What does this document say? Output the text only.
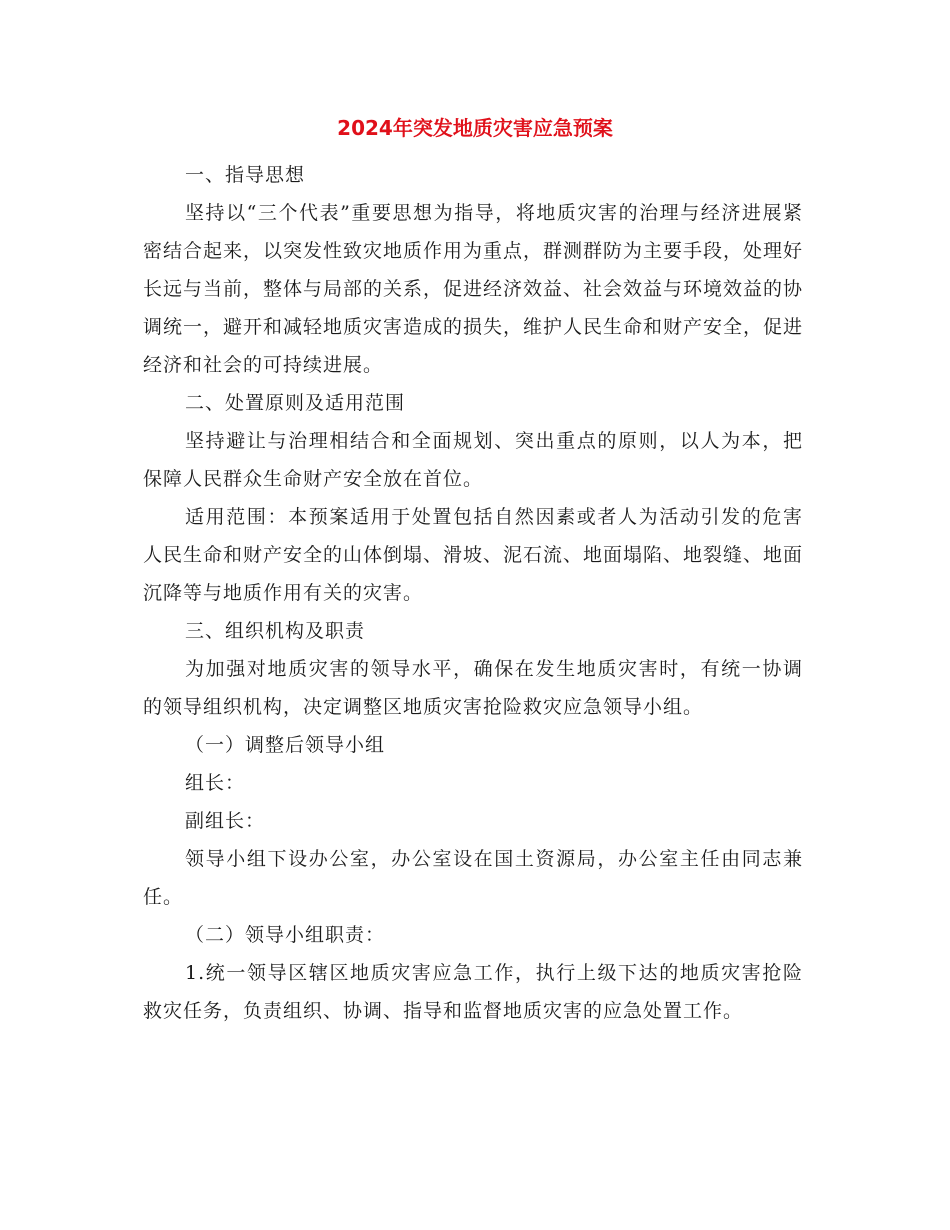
2024年突发地质灾害应急预案

一、指导思想

坚持以“三个代表”重要思想为指导，将地质灾害的治理与经济进展紧密结合起来，以突发性致灾地质作用为重点，群测群防为主要手段，处理好长远与当前，整体与局部的关系，促进经济效益、社会效益与环境效益的协调统一，避开和减轻地质灾害造成的损失，维护人民生命和财产安全，促进经济和社会的可持续进展。

二、处置原则及适用范围

坚持避让与治理相结合和全面规划、突出重点的原则，以人为本，把保障人民群众生命财产安全放在首位。

适用范围：本预案适用于处置包括自然因素或者人为活动引发的危害人民生命和财产安全的山体倒塌、滑坡、泥石流、地面塌陷、地裂缝、地面沉降等与地质作用有关的灾害。

三、组织机构及职责

为加强对地质灾害的领导水平，确保在发生地质灾害时，有统一协调的领导组织机构，决定调整区地质灾害抢险救灾应急领导小组。

（一）调整后领导小组

组长：

副组长：

领导小组下设办公室，办公室设在国土资源局，办公室主任由同志兼任。

（二）领导小组职责：

1.统一领导区辖区地质灾害应急工作，执行上级下达的地质灾害抢险救灾任务，负责组织、协调、指导和监督地质灾害的应急处置工作。
